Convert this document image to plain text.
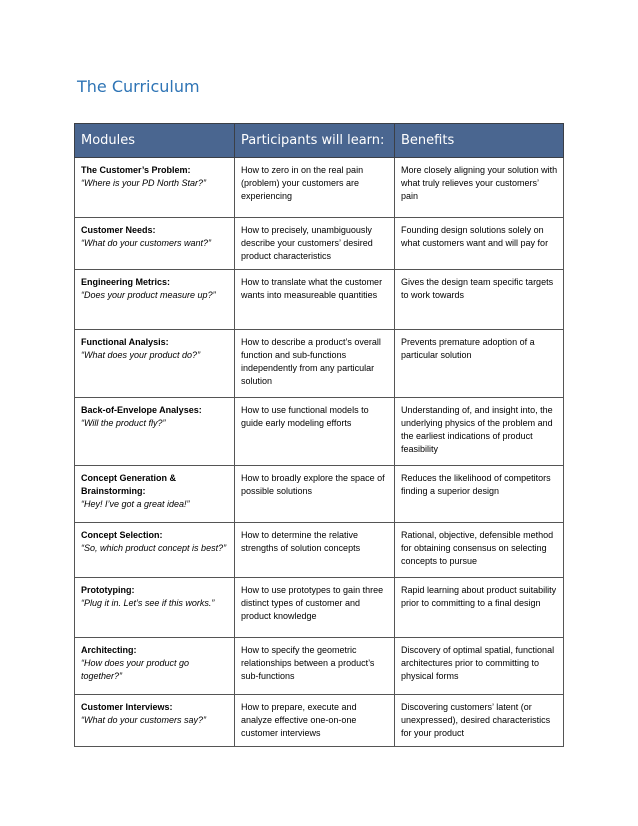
The Curriculum
Modules	Participants will learn:	Benefits

The Customer’s Problem:
“Where is your PD North Star?”	How to zero in on the real pain (problem) your customers are experiencing	More closely aligning your solution with what truly relieves your customers’ pain

Customer Needs:
“What do your customers want?”	How to precisely, unambiguously describe your customers’ desired product characteristics	Founding design solutions solely on what customers want and will pay for

Engineering Metrics:
“Does your product measure up?”	How to translate what the customer wants into measureable quantities	Gives the design team specific targets to work towards

Functional Analysis:
“What does your product do?”	How to describe a product’s overall function and sub-functions independently from any particular solution	Prevents premature adoption of a particular solution

Back-of-Envelope Analyses:
“Will the product fly?”	How to use functional models to guide early modeling efforts	Understanding of, and insight into, the underlying physics of the problem and the earliest indications of product feasibility

Concept Generation & Brainstorming:
“Hey! I’ve got a great idea!”	How to broadly explore the space of possible solutions	Reduces the likelihood of competitors finding a superior design

Concept Selection:
“So, which product concept is best?”	How to determine the relative strengths of solution concepts	Rational, objective, defensible method for obtaining consensus on selecting concepts to pursue

Prototyping:
“Plug it in. Let’s see if this works.”	How to use prototypes to gain three distinct types of customer and product knowledge	Rapid learning about product suitability prior to committing to a final design

Architecting:
“How does your product go together?”	How to specify the geometric relationships between a product’s sub-functions	Discovery of optimal spatial, functional architectures prior to committing to physical forms

Customer Interviews:
“What do your customers say?”	How to prepare, execute and analyze effective one-on-one customer interviews	Discovering customers’ latent (or unexpressed), desired characteristics for your product
